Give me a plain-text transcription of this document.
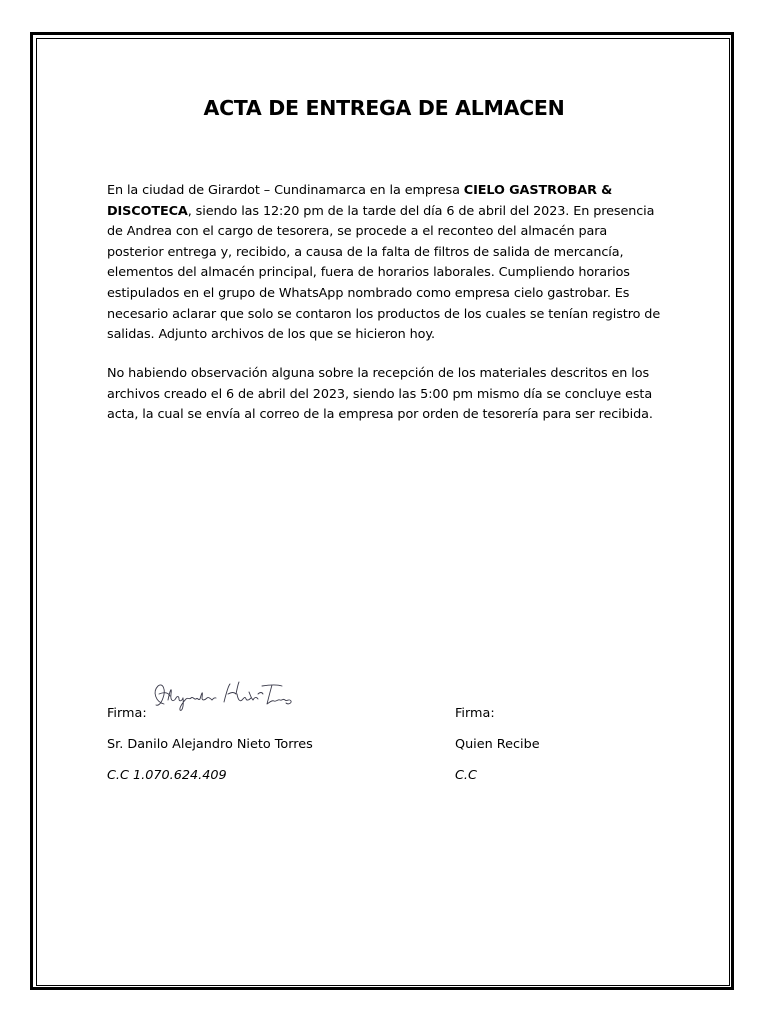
ACTA DE ENTREGA DE ALMACEN

En la ciudad de Girardot – Cundinamarca en la empresa CIELO GASTROBAR & DISCOTECA, siendo las 12:20 pm de la tarde del día 6 de abril del 2023. En presencia de Andrea con el cargo de tesorera, se procede a el reconteo del almacén para posterior entrega y, recibido, a causa de la falta de filtros de salida de mercancía, elementos del almacén principal, fuera de horarios laborales. Cumpliendo horarios estipulados en el grupo de WhatsApp nombrado como empresa cielo gastrobar. Es necesario aclarar que solo se contaron los productos de los cuales se tenían registro de salidas. Adjunto archivos de los que se hicieron hoy.

No habiendo observación alguna sobre la recepción de los materiales descritos en los archivos creado el 6 de abril del 2023, siendo las 5:00 pm mismo día se concluye esta acta, la cual se envía al correo de la empresa por orden de tesorería para ser recibida.

Firma:

Sr. Danilo Alejandro Nieto Torres

C.C 1.070.624.409

Firma:

Quien Recibe

C.C
